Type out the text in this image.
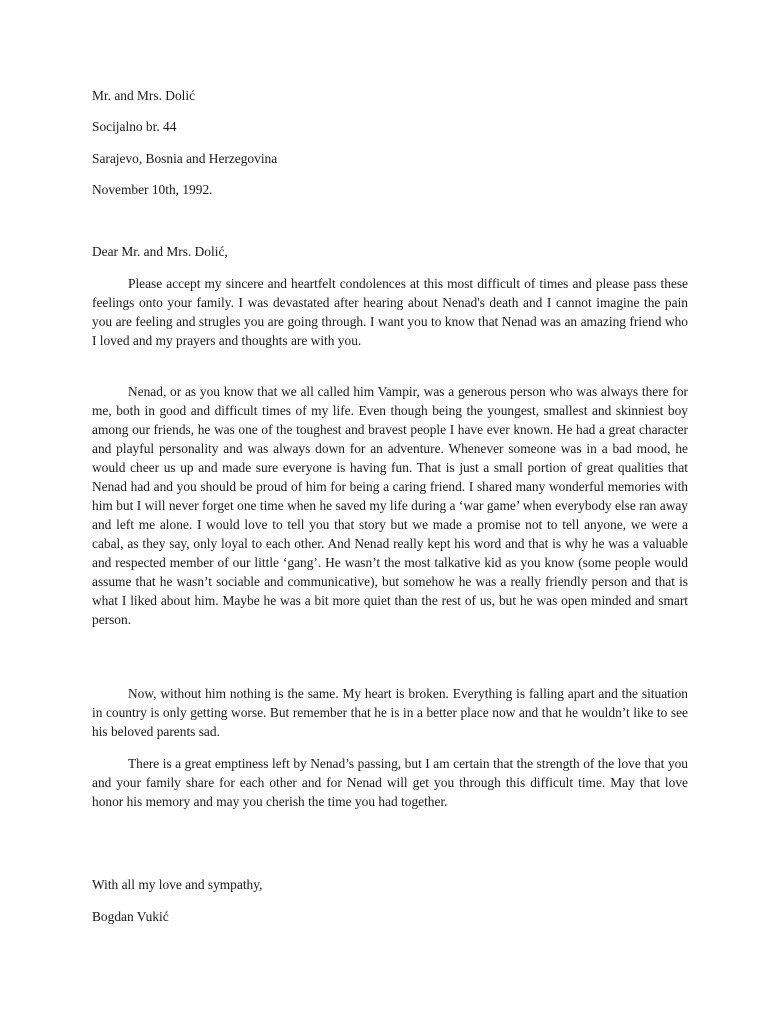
Mr. and Mrs. Dolić

Socijalno br. 44

Sarajevo, Bosnia and Herzegovina

November 10th, 1992.

Dear Mr. and Mrs. Dolić,

Please accept my sincere and heartfelt condolences at this most difficult of times and please pass these feelings onto your family. I was devastated after hearing about Nenad's death and I cannot imagine the pain you are feeling and strugles you are going through. I want you to know that Nenad was an amazing friend who I loved and my prayers and thoughts are with you.

Nenad, or as you know that we all called him Vampir, was a generous person who was always there for me, both in good and difficult times of my life. Even though being the youngest, smallest and skinniest boy among our friends, he was one of the toughest and bravest people I have ever known. He had a great character and playful personality and was always down for an adventure. Whenever someone was in a bad mood, he would cheer us up and made sure everyone is having fun. That is just a small portion of great qualities that Nenad had and you should be proud of him for being a caring friend. I shared many wonderful memories with him but I will never forget one time when he saved my life during a ‘war game’ when everybody else ran away and left me alone. I would love to tell you that story but we made a promise not to tell anyone, we were a cabal, as they say, only loyal to each other. And Nenad really kept his word and that is why he was a valuable and respected member of our little ‘gang’. He wasn’t the most talkative kid as you know (some people would assume that he wasn’t sociable and communicative), but somehow he was a really friendly person and that is what I liked about him. Maybe he was a bit more quiet than the rest of us, but he was open minded and smart person.

Now, without him nothing is the same. My heart is broken. Everything is falling apart and the situation in country is only getting worse. But remember that he is in a better place now and that he wouldn’t like to see his beloved parents sad.

There is a great emptiness left by Nenad’s passing, but I am certain that the strength of the love that you and your family share for each other and for Nenad will get you through this difficult time. May that love honor his memory and may you cherish the time you had together.

With all my love and sympathy,

Bogdan Vukić
